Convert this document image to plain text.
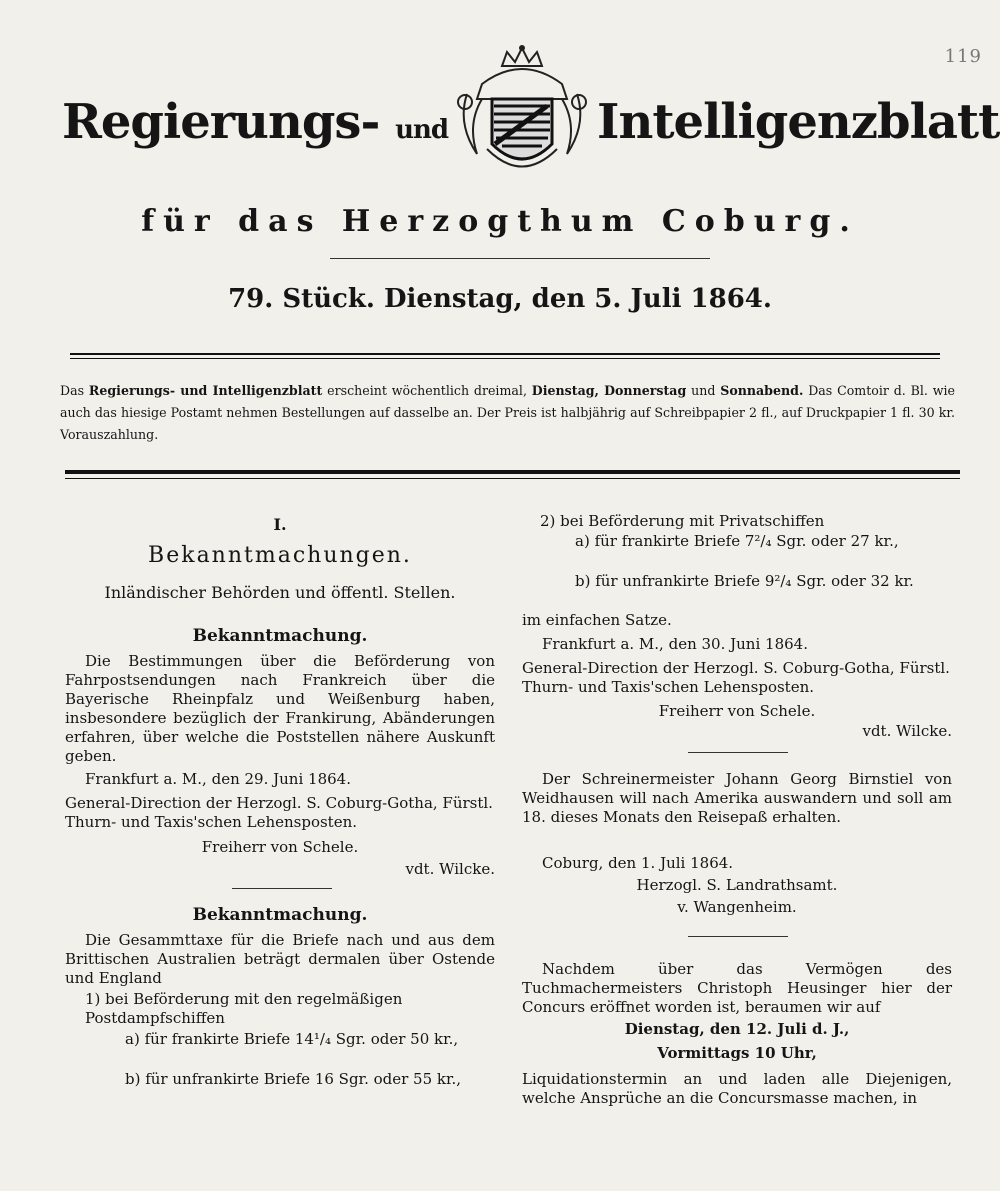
119
Regierungs- und	Intelligenzblatt
für das Herzogthum Coburg.
79. Stück. Dienstag, den 5. Juli 1864.
Das Regierungs- und Intelligenzblatt erscheint wöchentlich dreimal, Dienstag, Donnerstag und Sonnabend. Das Comtoir d. Bl. wie auch das hiesige Postamt nehmen Bestellungen auf dasselbe an. Der Preis ist halbjährig auf Schreibpapier 2 fl., auf Druckpapier 1 fl. 30 kr. Vorauszahlung.
I.
Bekanntmachungen.
Inländischer Behörden und öffentl. Stellen.
Bekanntmachung.
Die Bestimmungen über die Beförderung von Fahrpostsendungen nach Frankreich über die Bayerische Rheinpfalz und Weißenburg haben, insbesondere bezüglich der Frankirung, Abänderungen erfahren, über welche die Poststellen nähere Auskunft geben.
Frankfurt a. M., den 29. Juni 1864.
General-Direction der Herzogl. S. Coburg-Gotha, Fürstl. Thurn- und Taxis'schen Lehensposten.
Freiherr von Schele.
vdt. Wilcke.
Bekanntmachung.
Die Gesammttaxe für die Briefe nach und aus dem Brittischen Australien beträgt dermalen über Ostende und England
1) bei Beförderung mit den regelmäßigen Postdampfschiffen
a) für frankirte Briefe 14¹/₄ Sgr. oder 50 kr.,
b) für unfrankirte Briefe 16 Sgr. oder 55 kr.,
2) bei Beförderung mit Privatschiffen
a) für frankirte Briefe 7²/₄ Sgr. oder 27 kr.,
b) für unfrankirte Briefe 9²/₄ Sgr. oder 32 kr.
im einfachen Satze.
Frankfurt a. M., den 30. Juni 1864.
General-Direction der Herzogl. S. Coburg-Gotha, Fürstl. Thurn- und Taxis'schen Lehensposten.
Freiherr von Schele.
vdt. Wilcke.
Der Schreinermeister Johann Georg Birnstiel von Weidhausen will nach Amerika auswandern und soll am 18. dieses Monats den Reisepaß erhalten.
Coburg, den 1. Juli 1864.
Herzogl. S. Landrathsamt.
v. Wangenheim.
Nachdem über das Vermögen des Tuchmachermeisters Christoph Heusinger hier der Concurs eröffnet worden ist, beraumen wir auf
Dienstag, den 12. Juli d. J.,
Vormittags 10 Uhr,
Liquidationstermin an und laden alle Diejenigen, welche Ansprüche an die Concursmasse machen, in
